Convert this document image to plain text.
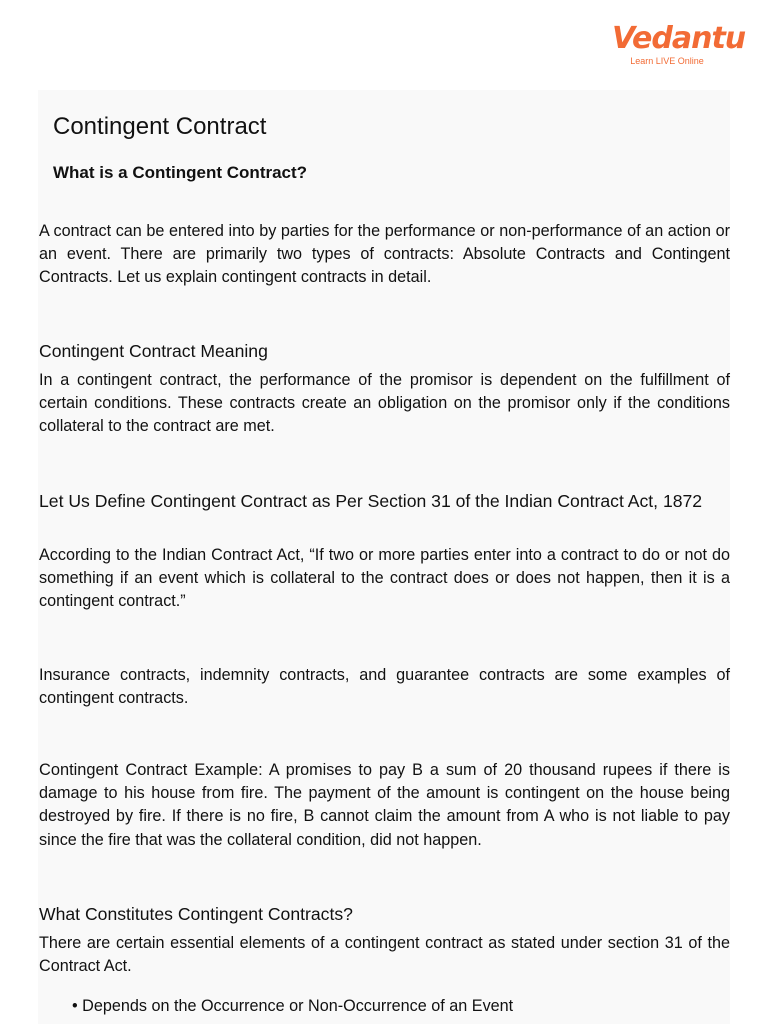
Vedantu
Learn LIVE Online
Contingent Contract
What is a Contingent Contract?

A contract can be entered into by parties for the performance or non-performance of an action or an event. There are primarily two types of contracts: Absolute Contracts and Contingent Contracts. Let us explain contingent contracts in detail.

Contingent Contract Meaning

In a contingent contract, the performance of the promisor is dependent on the fulfillment of certain conditions. These contracts create an obligation on the promisor only if the conditions collateral to the contract are met.

Let Us Define Contingent Contract as Per Section 31 of the Indian Contract Act, 1872

According to the Indian Contract Act, “If two or more parties enter into a contract to do or not do something if an event which is collateral to the contract does or does not happen, then it is a contingent contract.”

Insurance contracts, indemnity contracts, and guarantee contracts are some examples of contingent contracts.

Contingent Contract Example: A promises to pay B a sum of 20 thousand rupees if there is damage to his house from fire. The payment of the amount is contingent on the house being destroyed by fire. If there is no fire, B cannot claim the amount from A who is not liable to pay since the fire that was the collateral condition, did not happen.

What Constitutes Contingent Contracts?

There are certain essential elements of a contingent contract as stated under section 31 of the Contract Act.

• Depends on the Occurrence or Non-Occurrence of an Event
